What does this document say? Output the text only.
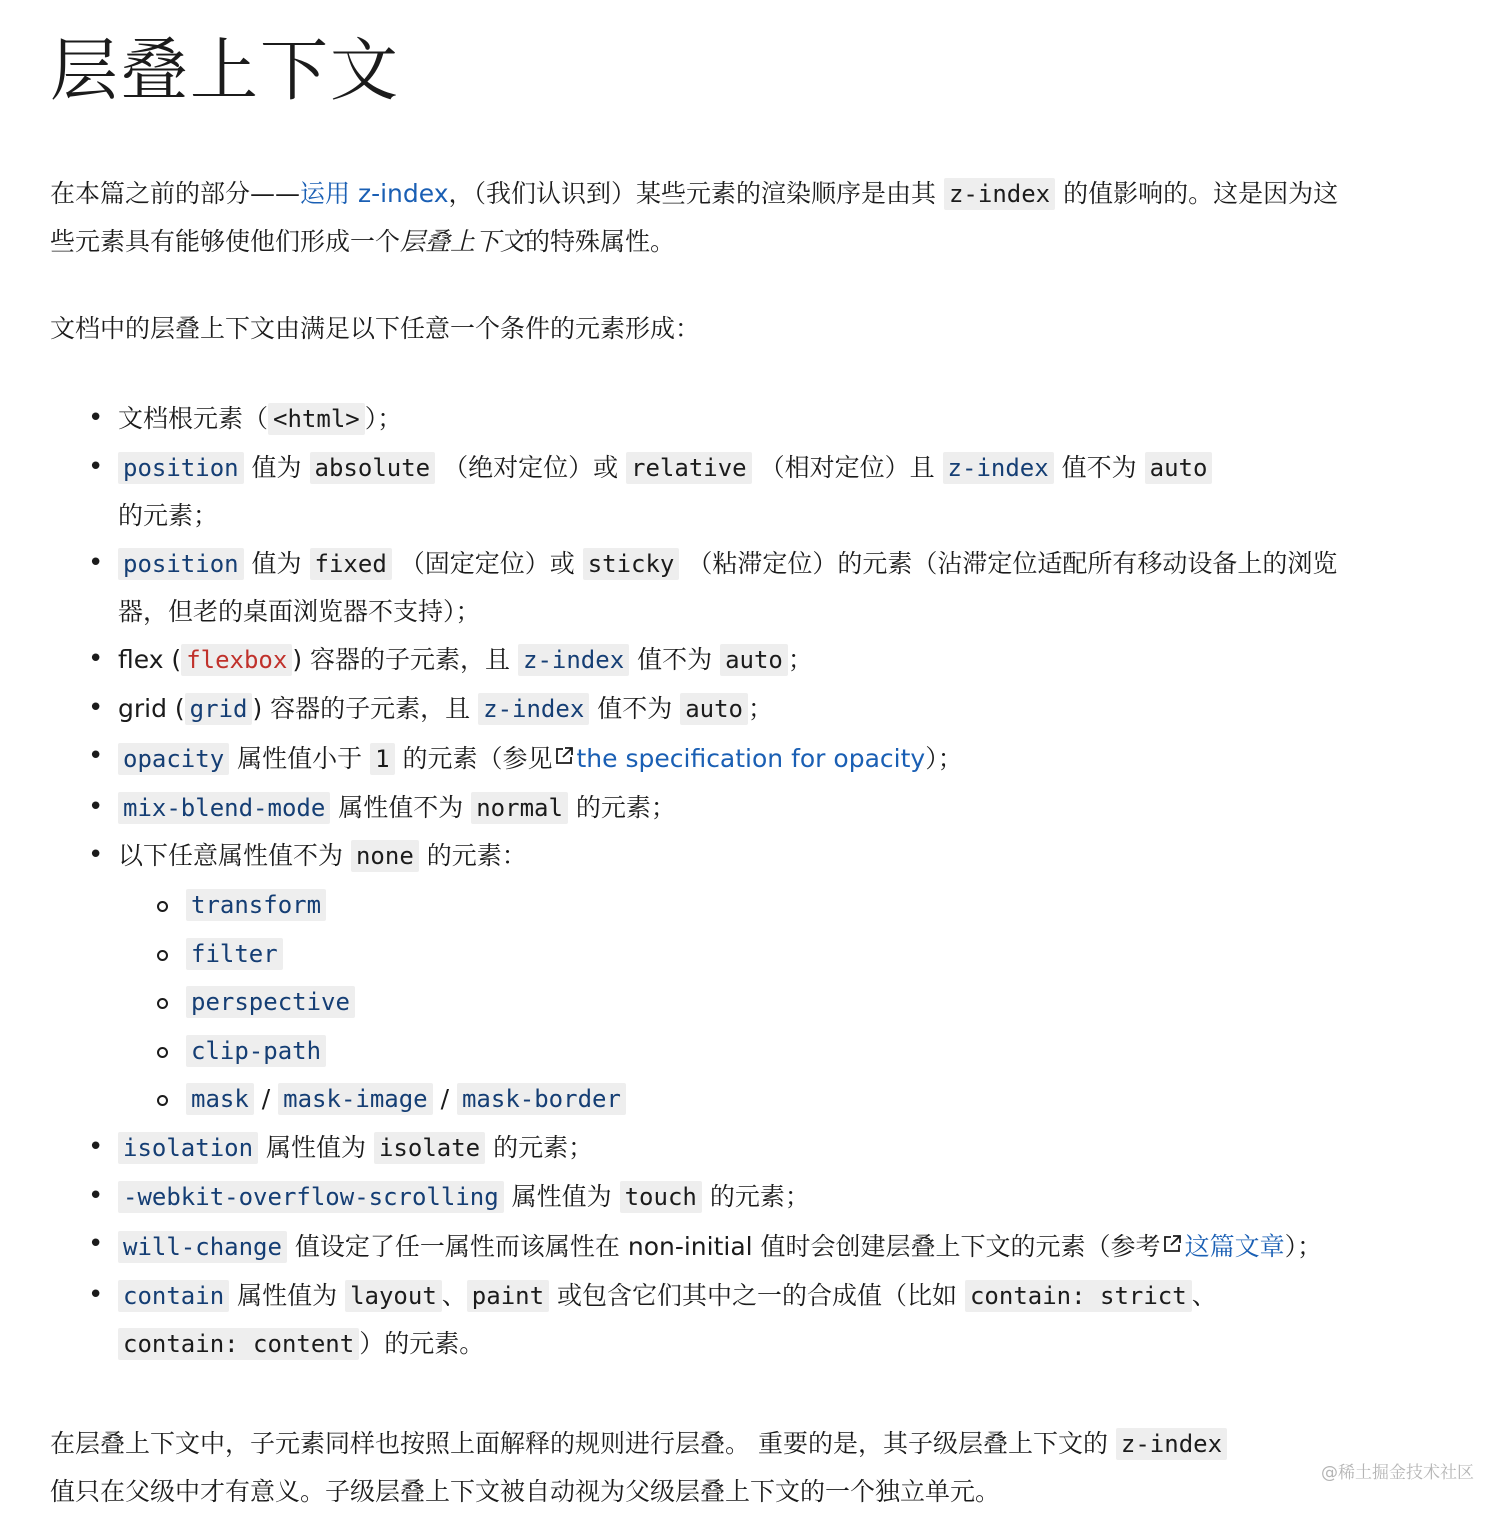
层叠上下文

在本篇之前的部分——运用 z-index，（我们认识到）某些元素的渲染顺序是由其 z-index 的值影响的。这是因为这些元素具有能够使他们形成一个层叠上下文的特殊属性。

文档中的层叠上下文由满足以下任意一个条件的元素形成：

• 文档根元素（ <html> ）；
• position 值为 absolute （绝对定位）或 relative （相对定位）且 z-index 值不为 auto
的元素；
• position 值为 fixed （固定定位）或 sticky （粘滞定位）的元素（沾滞定位适配所有移动设备上的浏览器，但老的桌面浏览器不支持）；
• flex ( flexbox ) 容器的子元素，且 z-index 值不为 auto ；
• grid ( grid ) 容器的子元素，且 z-index 值不为 auto ；
• opacity 属性值小于 1 的元素（参见 the specification for opacity）；
• mix-blend-mode 属性值不为 normal 的元素；
• 以下任意属性值不为 none 的元素：
transform
filter
perspective
clip-path
mask / mask-image / mask-border
• isolation 属性值为 isolate 的元素；
• -webkit-overflow-scrolling 属性值为 touch 的元素；
• will-change 值设定了任一属性而该属性在 non-initial 值时会创建层叠上下文的元素（参考 这篇文章）；
• contain 属性值为 layout 、 paint 或包含它们其中之一的合成值（比如 contain: strict 、
contain: content ）的元素。

在层叠上下文中，子元素同样也按照上面解释的规则进行层叠。 重要的是，其子级层叠上下文的 z-index
值只在父级中才有意义。子级层叠上下文被自动视为父级层叠上下文的一个独立单元。

@稀土掘金技术社区
